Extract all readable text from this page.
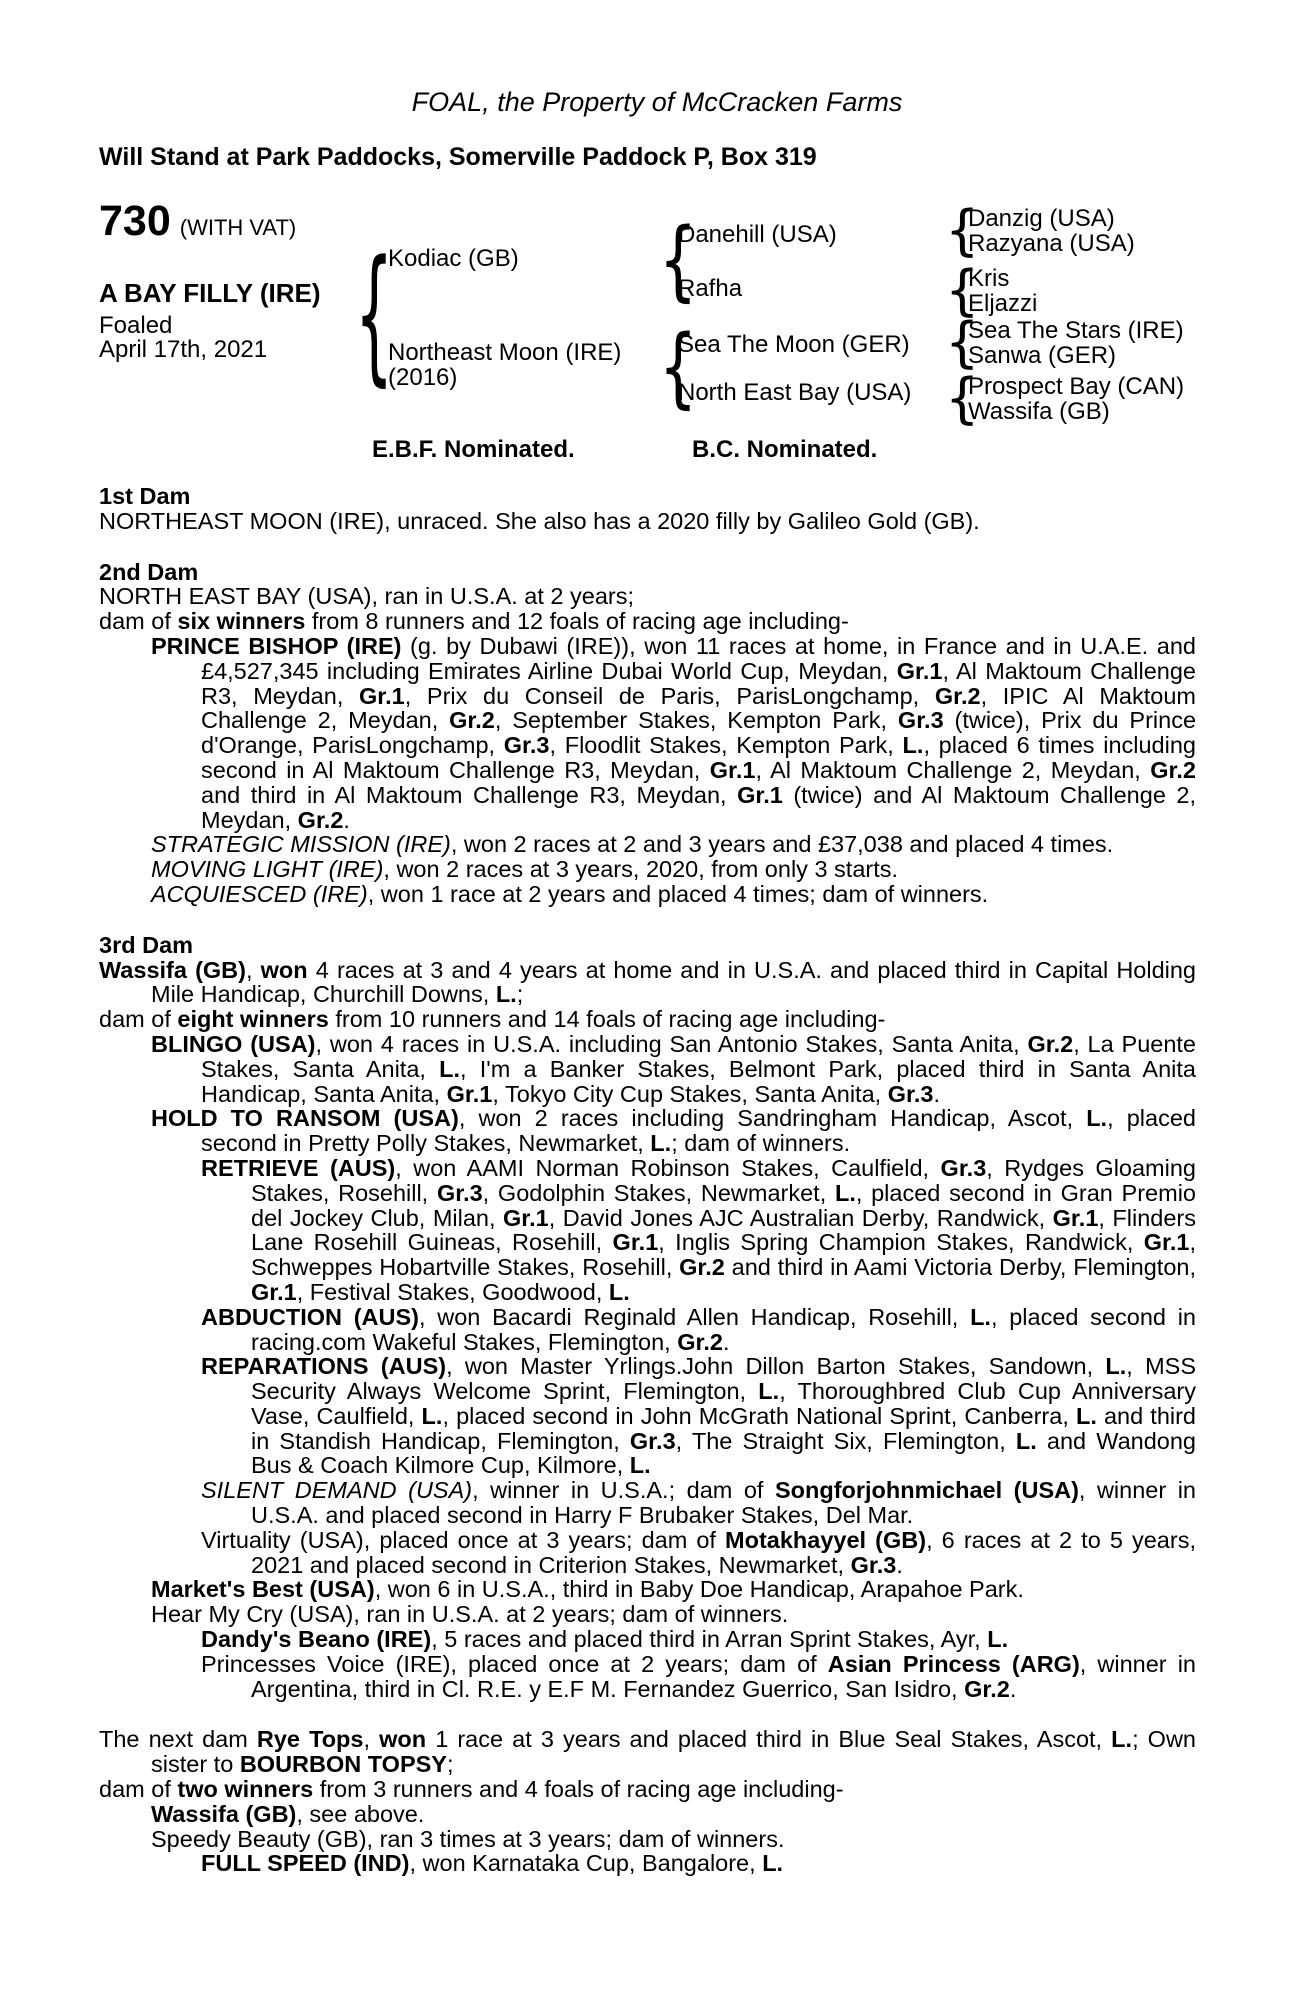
FOAL, the Property of McCracken Farms
Will Stand at Park Paddocks, Somerville Paddock P, Box 319
730 (WITH VAT)
A BAY FILLY (IRE)
Foaled
April 17th, 2021 {	{
{
{
{
{
{
Kodiac (GB)
Northeast Moon (IRE)
(2016)
Danehill (USA)
Rafha
Sea The Moon (GER)
North East Bay (USA)
Danzig (USA)
Razyana (USA)
Kris
Eljazzi
Sea The Stars (IRE)
Sanwa (GER)
Prospect Bay (CAN)
Wassifa (GB)
E.B.F. Nominated.	B.C. Nominated.
1st Dam
NORTHEAST MOON (IRE), unraced. She also has a 2020 filly by Galileo Gold (GB).
2nd Dam
NORTH EAST BAY (USA), ran in U.S.A. at 2 years;
dam of six winners from 8 runners and 12 foals of racing age including-
PRINCE BISHOP (IRE) (g. by Dubawi (IRE)), won 11 races at home, in France and in U.A.E. and £4,527,345 including Emirates Airline Dubai World Cup, Meydan, Gr.1, Al Maktoum Challenge R3, Meydan, Gr.1, Prix du Conseil de Paris, ParisLongchamp, Gr.2, IPIC Al Maktoum Challenge 2, Meydan, Gr.2, September Stakes, Kempton Park, Gr.3 (twice), Prix du Prince d'Orange, ParisLongchamp, Gr.3, Floodlit Stakes, Kempton Park, L., placed 6 times including second in Al Maktoum Challenge R3, Meydan, Gr.1, Al Maktoum Challenge 2, Meydan, Gr.2 and third in Al Maktoum Challenge R3, Meydan, Gr.1 (twice) and Al Maktoum Challenge 2, Meydan, Gr.2.
STRATEGIC MISSION (IRE), won 2 races at 2 and 3 years and £37,038 and placed 4 times.
MOVING LIGHT (IRE), won 2 races at 3 years, 2020, from only 3 starts.
ACQUIESCED (IRE), won 1 race at 2 years and placed 4 times; dam of winners.
3rd Dam
Wassifa (GB), won 4 races at 3 and 4 years at home and in U.S.A. and placed third in Capital Holding Mile Handicap, Churchill Downs, L.;
dam of eight winners from 10 runners and 14 foals of racing age including-
BLINGO (USA), won 4 races in U.S.A. including San Antonio Stakes, Santa Anita, Gr.2, La Puente Stakes, Santa Anita, L., I'm a Banker Stakes, Belmont Park, placed third in Santa Anita Handicap, Santa Anita, Gr.1, Tokyo City Cup Stakes, Santa Anita, Gr.3.
HOLD TO RANSOM (USA), won 2 races including Sandringham Handicap, Ascot, L., placed second in Pretty Polly Stakes, Newmarket, L.; dam of winners.
RETRIEVE (AUS), won AAMI Norman Robinson Stakes, Caulfield, Gr.3, Rydges Gloaming Stakes, Rosehill, Gr.3, Godolphin Stakes, Newmarket, L., placed second in Gran Premio del Jockey Club, Milan, Gr.1, David Jones AJC Australian Derby, Randwick, Gr.1, Flinders Lane Rosehill Guineas, Rosehill, Gr.1, Inglis Spring Champion Stakes, Randwick, Gr.1, Schweppes Hobartville Stakes, Rosehill, Gr.2 and third in Aami Victoria Derby, Flemington, Gr.1, Festival Stakes, Goodwood, L.
ABDUCTION (AUS), won Bacardi Reginald Allen Handicap, Rosehill, L., placed second in racing.com Wakeful Stakes, Flemington, Gr.2.
REPARATIONS (AUS), won Master Yrlings.John Dillon Barton Stakes, Sandown, L., MSS Security Always Welcome Sprint, Flemington, L., Thoroughbred Club Cup Anniversary Vase, Caulfield, L., placed second in John McGrath National Sprint, Canberra, L. and third in Standish Handicap, Flemington, Gr.3, The Straight Six, Flemington, L. and Wandong Bus & Coach Kilmore Cup, Kilmore, L.
SILENT DEMAND (USA), winner in U.S.A.; dam of Songforjohnmichael (USA), winner in U.S.A. and placed second in Harry F Brubaker Stakes, Del Mar.
Virtuality (USA), placed once at 3 years; dam of Motakhayyel (GB), 6 races at 2 to 5 years, 2021 and placed second in Criterion Stakes, Newmarket, Gr.3.
Market's Best (USA), won 6 in U.S.A., third in Baby Doe Handicap, Arapahoe Park.
Hear My Cry (USA), ran in U.S.A. at 2 years; dam of winners.
Dandy's Beano (IRE), 5 races and placed third in Arran Sprint Stakes, Ayr, L.
Princesses Voice (IRE), placed once at 2 years; dam of Asian Princess (ARG), winner in Argentina, third in Cl. R.E. y E.F M. Fernandez Guerrico, San Isidro, Gr.2.
The next dam Rye Tops, won 1 race at 3 years and placed third in Blue Seal Stakes, Ascot, L.; Own sister to BOURBON TOPSY;
dam of two winners from 3 runners and 4 foals of racing age including-
Wassifa (GB), see above.
Speedy Beauty (GB), ran 3 times at 3 years; dam of winners.
FULL SPEED (IND), won Karnataka Cup, Bangalore, L.
